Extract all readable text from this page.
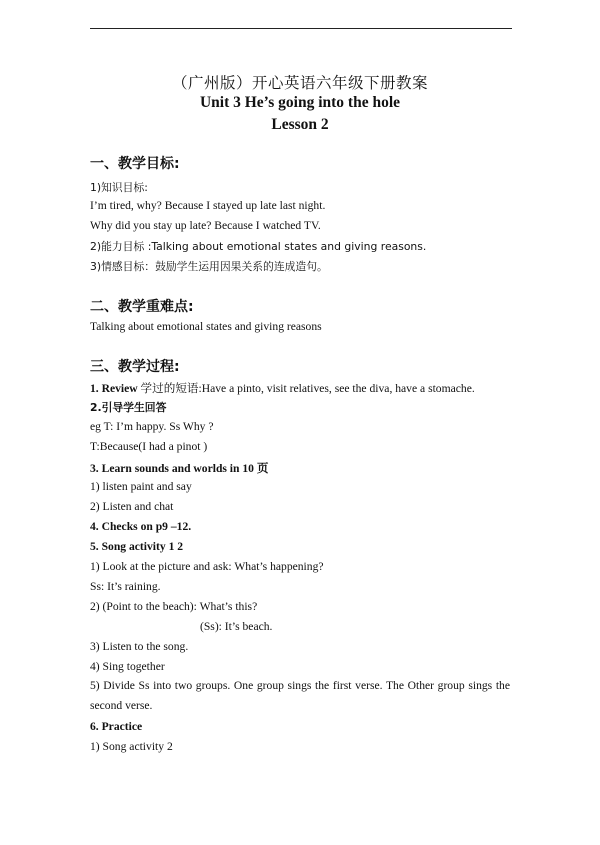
（广州版）开心英语六年级下册教案
Unit 3 He’s going into the hole
Lesson 2
一、教学目标:
1)知识目标:
I’m tired, why? Because I stayed up late last night.
Why did you stay up late? Because I watched TV.
2)能力目标 :Talking about emotional states and giving reasons.
3)情感目标：鼓励学生运用因果关系的连成造句。
二、教学重难点:
Talking about emotional states and giving reasons
三、教学过程:
1. Review 学过的短语:Have a pinto, visit relatives, see the diva, have a stomache.
2.引导学生回答
eg T: I’m happy. Ss Why ?
T:Because(I had a pinot )
3. Learn sounds and worlds in 10 页
1) listen paint and say
2) Listen and chat
4. Checks on p9 –12.
5. Song activity 1 2
1) Look at the picture and ask: What’s happening?
Ss: It’s raining.
2) (Point to the beach): What’s this?
(Ss): It’s beach.
3) Listen to the song.
4) Sing together
5) Divide Ss into two groups. One group sings the first verse. The Other group sings the second verse.
6. Practice
1) Song activity 2
